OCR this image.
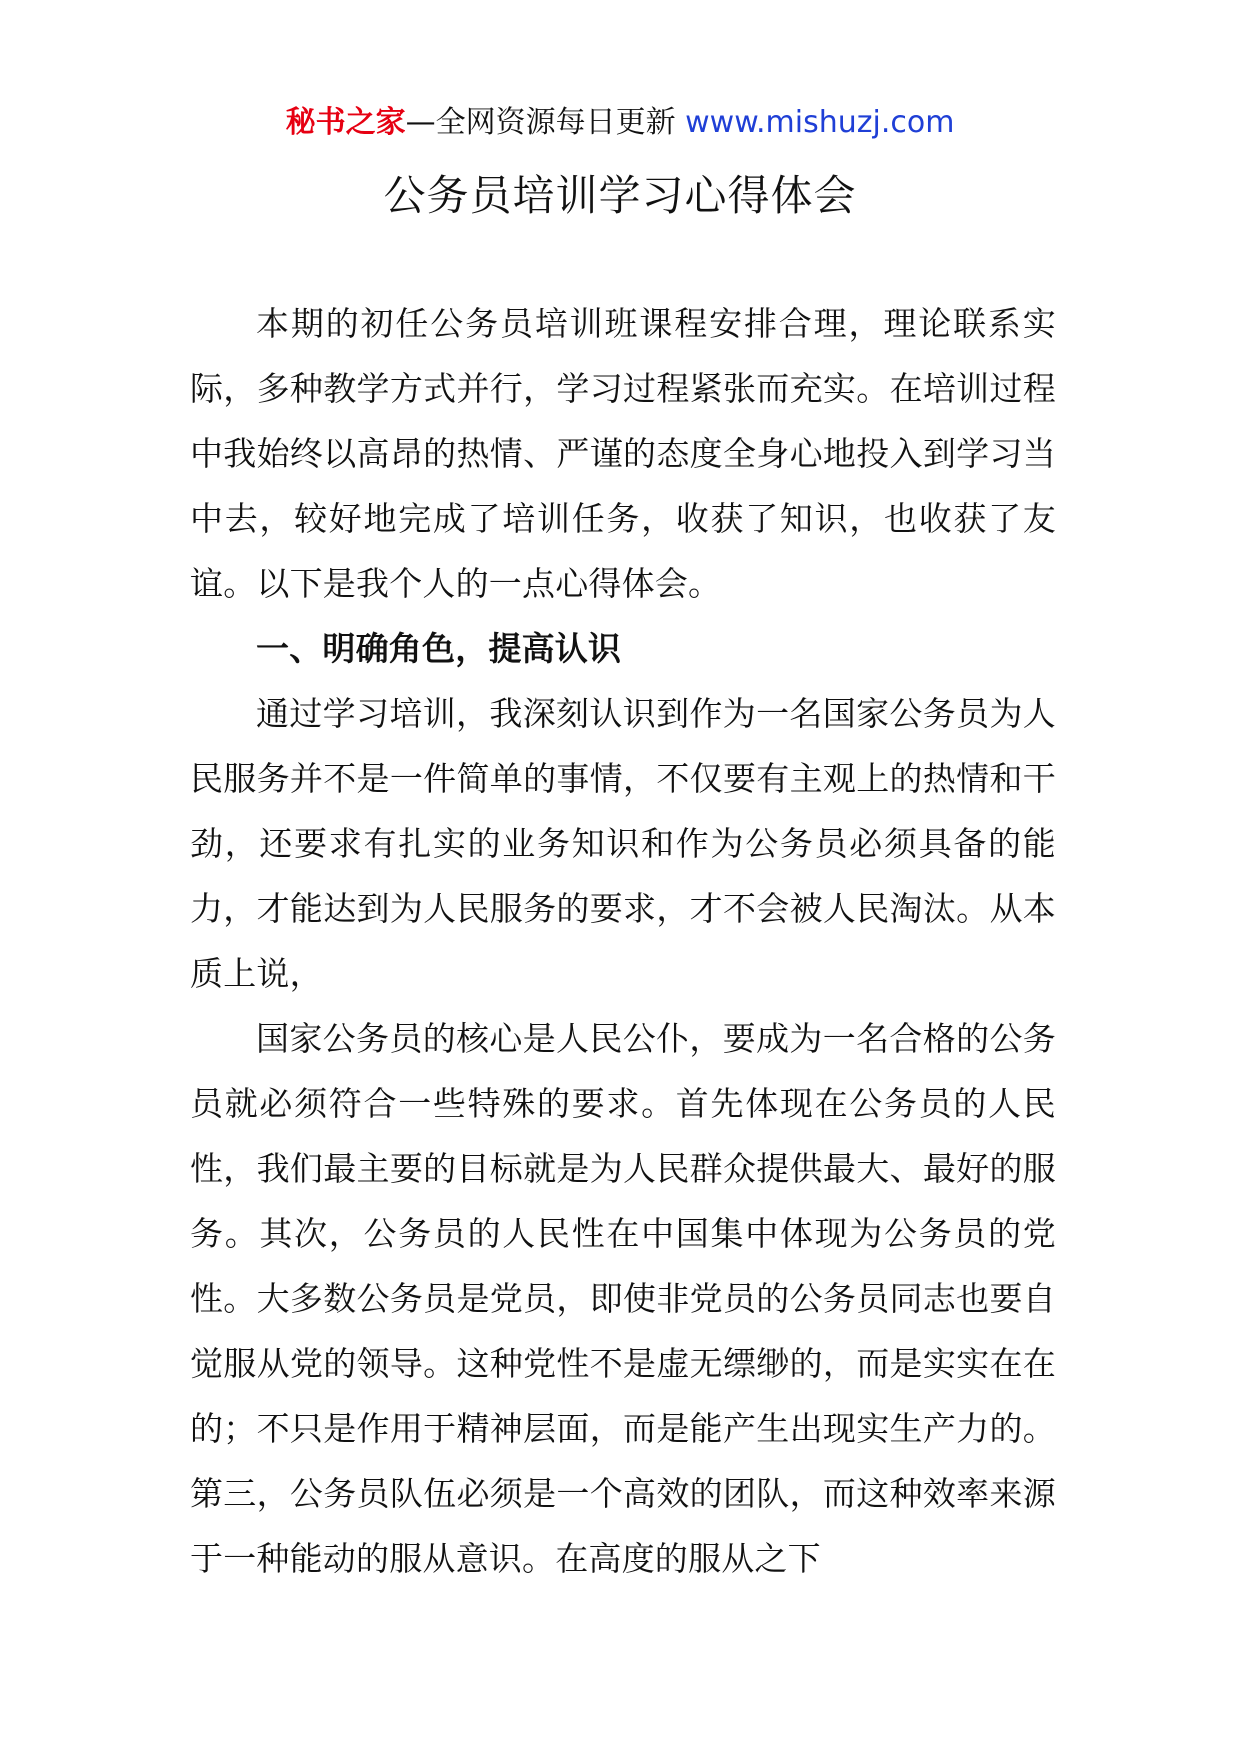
秘书之家—全网资源每日更新 www.mishuzj.com
公务员培训学习心得体会

本期的初任公务员培训班课程安排合理，理论联系实际，多种教学方式并行，学习过程紧张而充实。在培训过程中我始终以高昂的热情、严谨的态度全身心地投入到学习当中去，较好地完成了培训任务，收获了知识，也收获了友谊。以下是我个人的一点心得体会。

一、明确角色，提高认识

通过学习培训，我深刻认识到作为一名国家公务员为人民服务并不是一件简单的事情，不仅要有主观上的热情和干劲，还要求有扎实的业务知识和作为公务员必须具备的能力，才能达到为人民服务的要求，才不会被人民淘汰。从本质上说，

国家公务员的核心是人民公仆，要成为一名合格的公务员就必须符合一些特殊的要求。首先体现在公务员的人民性，我们最主要的目标就是为人民群众提供最大、最好的服务。其次，公务员的人民性在中国集中体现为公务员的党性。大多数公务员是党员，即使非党员的公务员同志也要自觉服从党的领导。这种党性不是虚无缥缈的，而是实实在在的；不只是作用于精神层面，而是能产生出现实生产力的。第三，公务员队伍必须是一个高效的团队，而这种效率来源于一种能动的服从意识。在高度的服从之下
